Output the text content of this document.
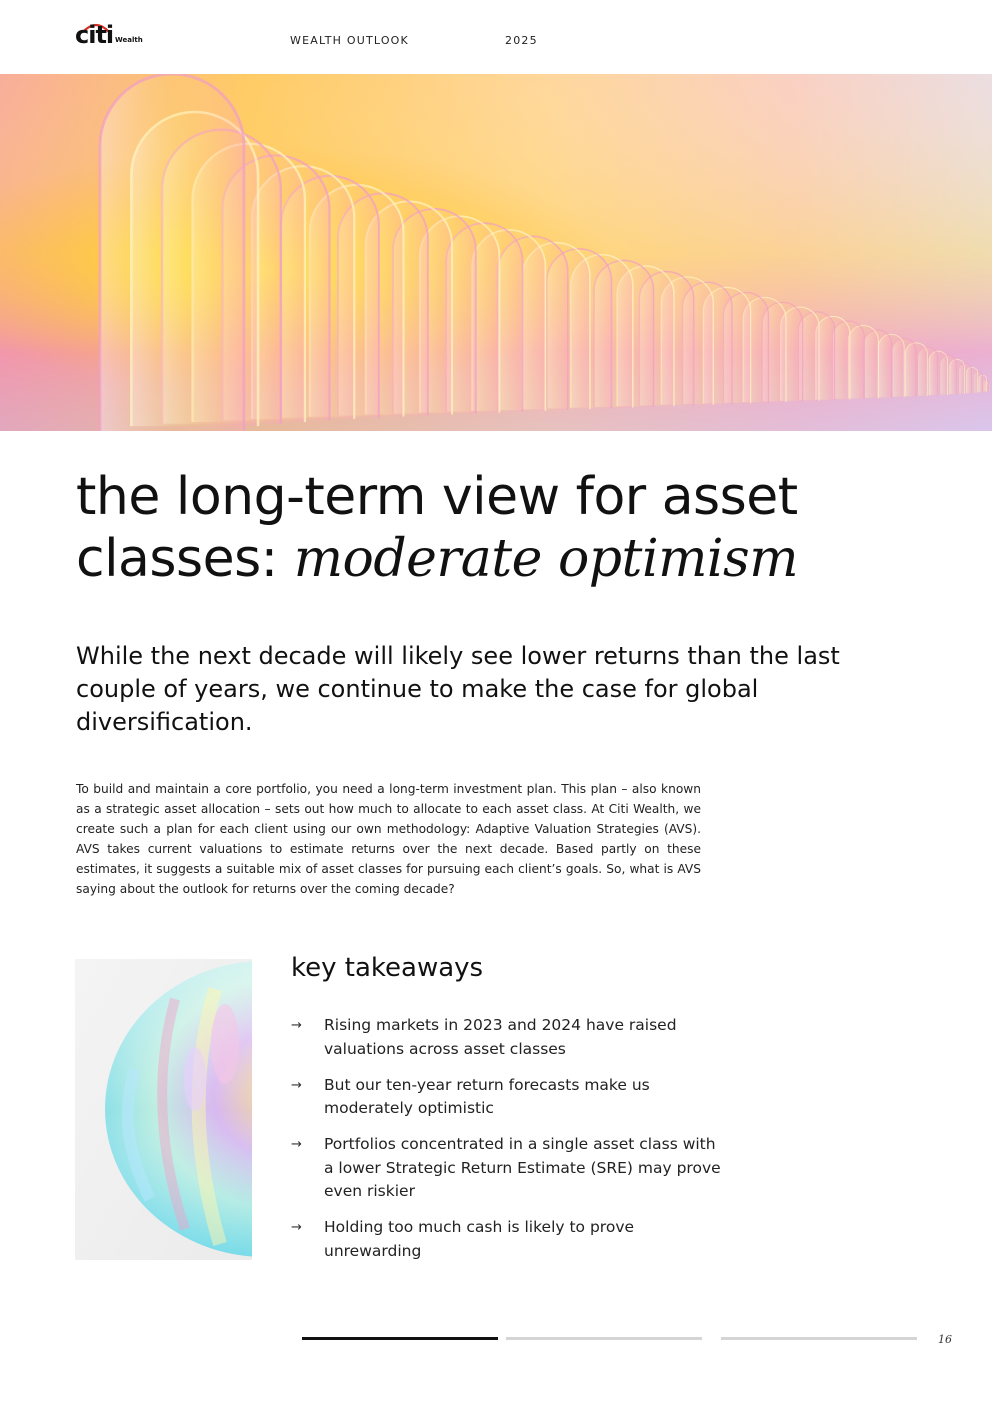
citi Wealth	WEALTH OUTLOOK	2025
the long-term view for asset
classes: moderate optimism

While the next decade will likely see lower returns than the last couple of years, we continue to make the case for global diversification.

To build and maintain a core portfolio, you need a long-term investment plan. This plan – also known as a strategic asset allocation – sets out how much to allocate to each asset class. At Citi Wealth, we create such a plan for each client using our own methodology: Adaptive Valuation Strategies (AVS). AVS takes current valuations to estimate returns over the next decade. Based partly on these estimates, it suggests a suitable mix of asset classes for pursuing each client’s goals. So, what is AVS saying about the outlook for returns over the coming decade?

key takeaways
→ Rising markets in 2023 and 2024 have raised valuations across asset classes
→ But our ten-year return forecasts make us moderately optimistic
→ Portfolios concentrated in a single asset class with a lower Strategic Return Estimate (SRE) may prove even riskier
→ Holding too much cash is likely to prove unrewarding
16
